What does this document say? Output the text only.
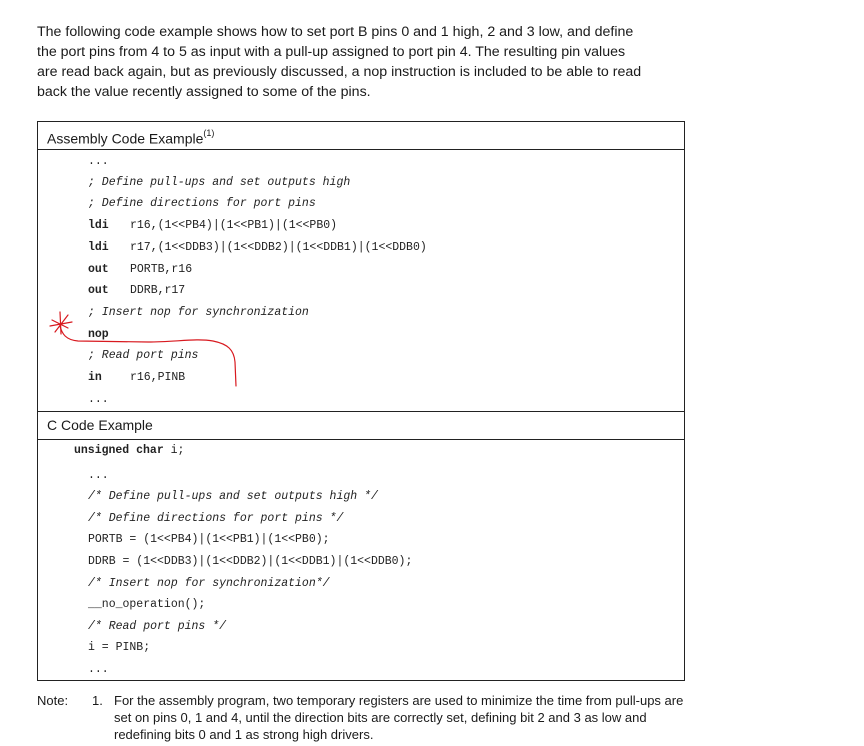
The following code example shows how to set port B pins 0 and 1 high, 2 and 3 low, and define

the port pins from 4 to 5 as input with a pull-up assigned to port pin 4. The resulting pin values

are read back again, but as previously discussed, a nop instruction is included to be able to read

back the value recently assigned to some of the pins.

Assembly Code Example$^{(1)}$
...
; Define pull-ups and set outputs high
; Define directions for port pins
ldi r16,(1<<PB4)|(1<<PB1)|(1<<PB0)
ldi r17,(1<<DDB3)|(1<<DDB2)|(1<<DDB1)|(1<<DDB0)
out PORTB,r16
out DDRB,r17
; Insert nop for synchronization
nop
; Read port pins
in r16,PINB
...
C Code Example
unsigned char i;
...
/* Define pull-ups and set outputs high */
/* Define directions for port pins */
PORTB = (1<<PB4)|(1<<PB1)|(1<<PB0);
DDRB = (1<<DDB3)|(1<<DDB2)|(1<<DDB1)|(1<<DDB0);
/* Insert nop for synchronization*/
__no_operation();
/* Read port pins */
i = PINB;
...
Note: 1. For the assembly program, two temporary registers are used to minimize the time from pull-ups are set on pins 0, 1 and 4, until the direction bits are correctly set, defining bit 2 and 3 as low and redefining bits 0 and 1 as strong high drivers.
